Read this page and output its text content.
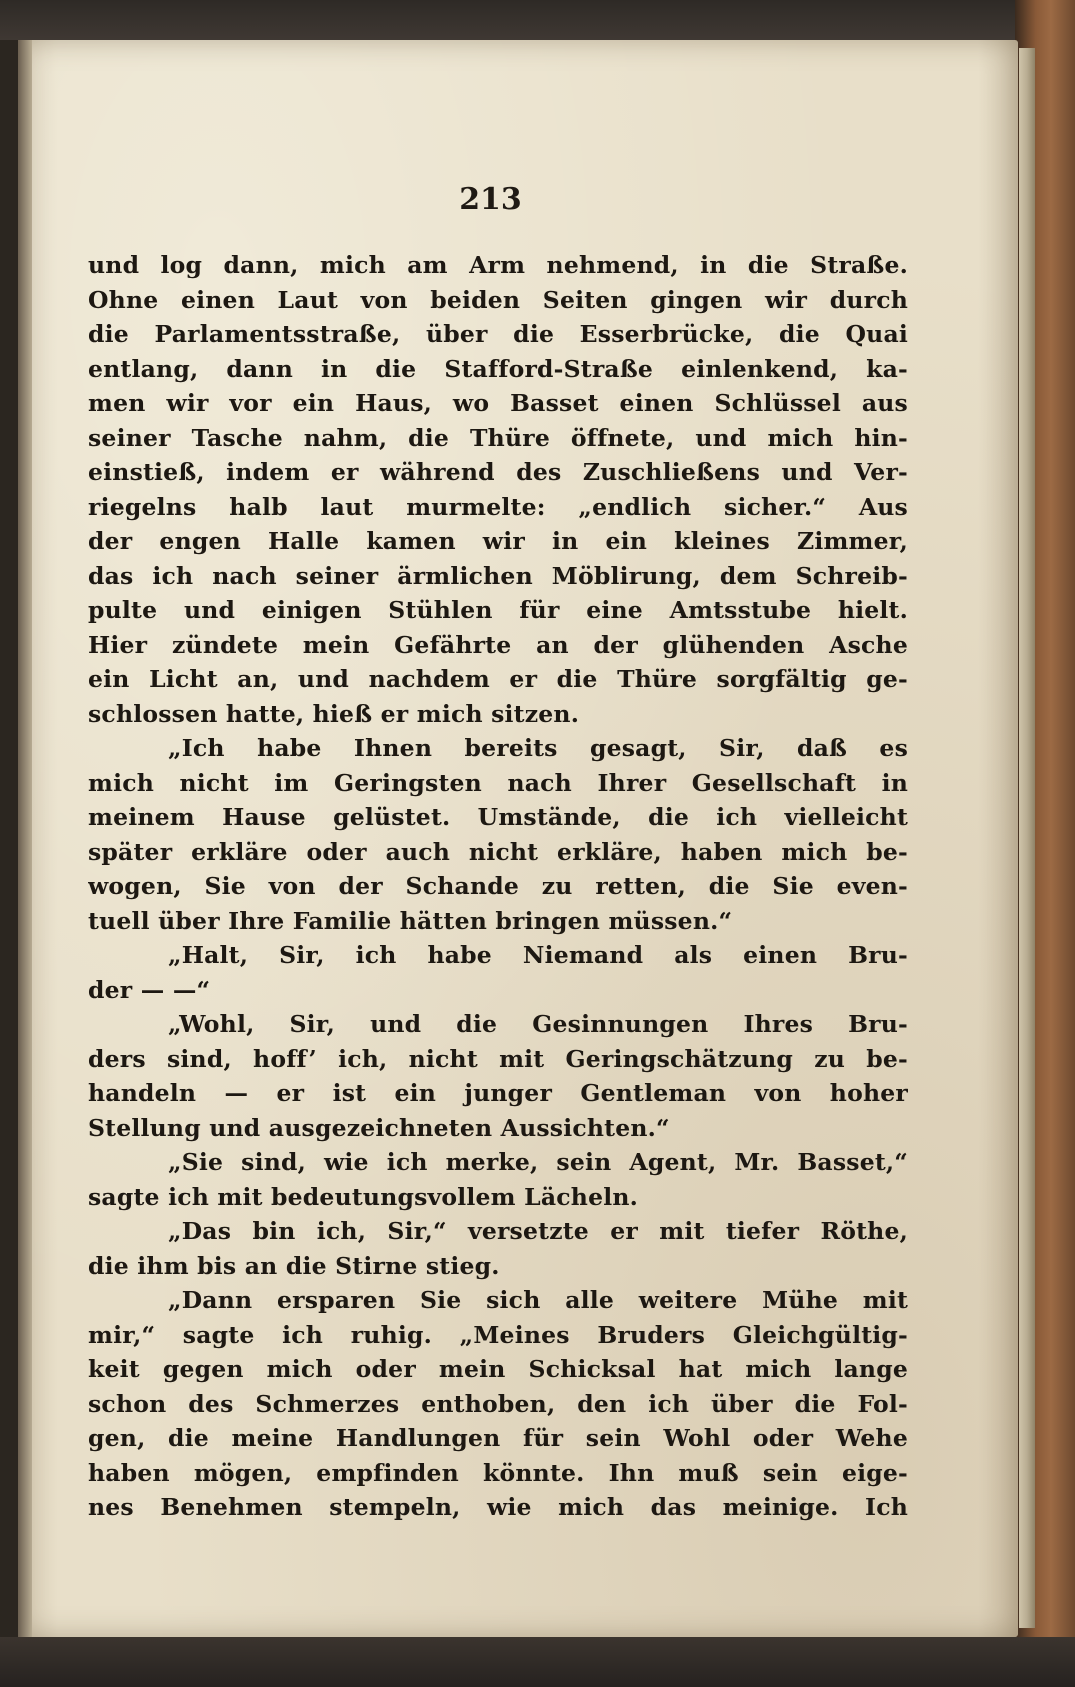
213
und log dann, mich am Arm nehmend, in die Straße.
Ohne einen Laut von beiden Seiten gingen wir durch
die Parlamentsstraße, über die Esserbrücke, die Quai
entlang, dann in die Stafford-Straße einlenkend, ka-
men wir vor ein Haus, wo Basset einen Schlüssel aus
seiner Tasche nahm, die Thüre öffnete, und mich hin-
einstieß, indem er während des Zuschließens und Ver-
riegelns halb laut murmelte: „endlich sicher.“ Aus
der engen Halle kamen wir in ein kleines Zimmer,
das ich nach seiner ärmlichen Möblirung, dem Schreib-
pulte und einigen Stühlen für eine Amtsstube hielt.
Hier zündete mein Gefährte an der glühenden Asche
ein Licht an, und nachdem er die Thüre sorgfältig ge-
schlossen hatte, hieß er mich sitzen.
„Ich habe Ihnen bereits gesagt, Sir, daß es
mich nicht im Geringsten nach Ihrer Gesellschaft in
meinem Hause gelüstet. Umstände, die ich vielleicht
später erkläre oder auch nicht erkläre, haben mich be-
wogen, Sie von der Schande zu retten, die Sie even-
tuell über Ihre Familie hätten bringen müssen.“
„Halt, Sir, ich habe Niemand als einen Bru-
der — —“
„Wohl, Sir, und die Gesinnungen Ihres Bru-
ders sind, hoff’ ich, nicht mit Geringschätzung zu be-
handeln — er ist ein junger Gentleman von hoher
Stellung und ausgezeichneten Aussichten.“
„Sie sind, wie ich merke, sein Agent, Mr. Basset,“
sagte ich mit bedeutungsvollem Lächeln.
„Das bin ich, Sir,“ versetzte er mit tiefer Röthe,
die ihm bis an die Stirne stieg.
„Dann ersparen Sie sich alle weitere Mühe mit
mir,“ sagte ich ruhig. „Meines Bruders Gleichgültig-
keit gegen mich oder mein Schicksal hat mich lange
schon des Schmerzes enthoben, den ich über die Fol-
gen, die meine Handlungen für sein Wohl oder Wehe
haben mögen, empfinden könnte. Ihn muß sein eige-
nes Benehmen stempeln, wie mich das meinige. Ich
